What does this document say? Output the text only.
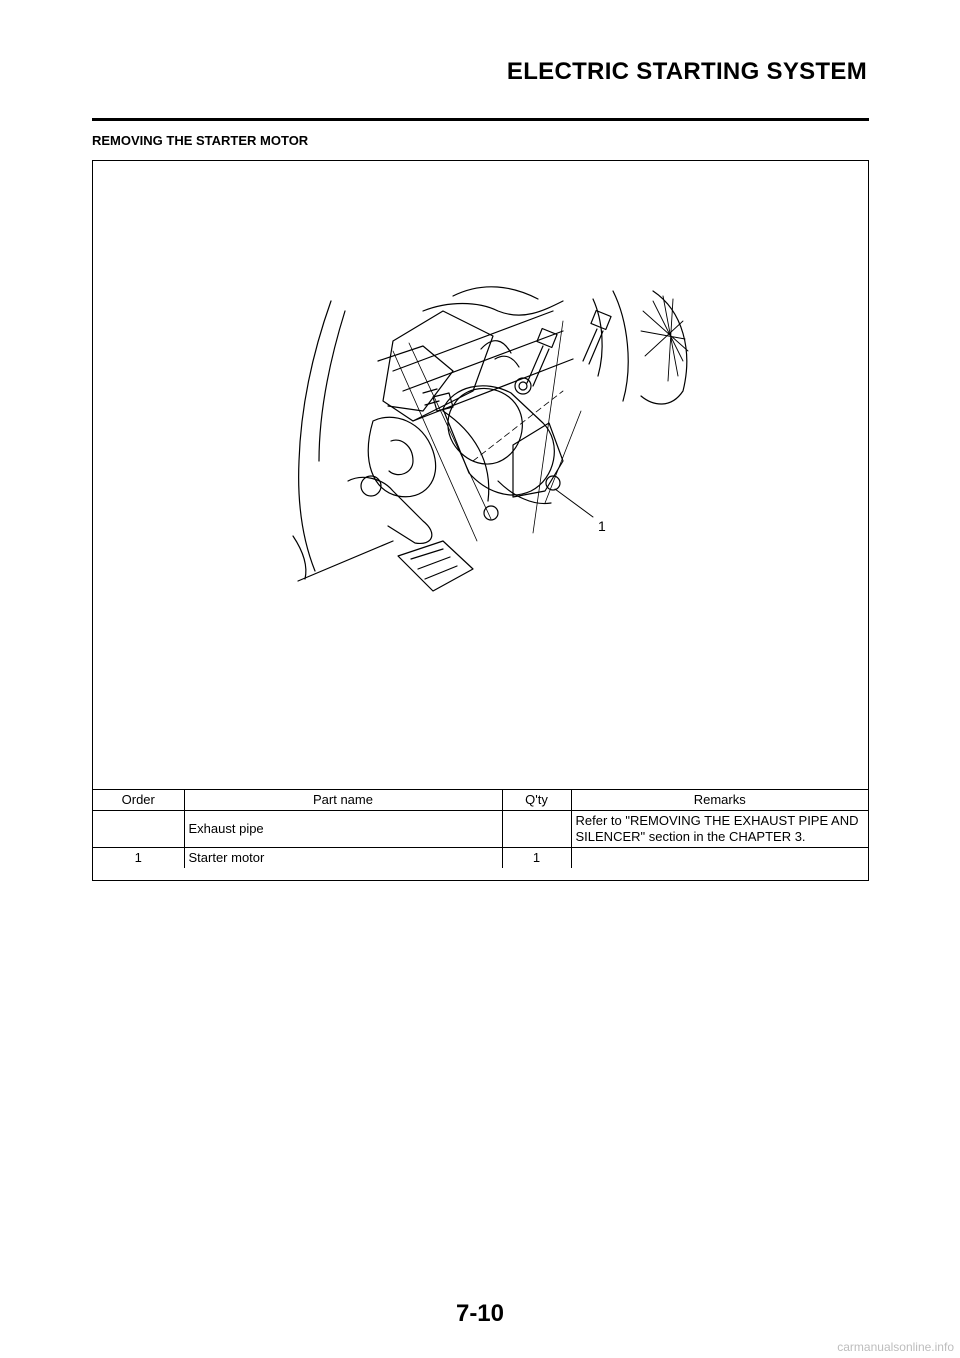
ELECTRIC STARTING SYSTEM
REMOVING THE STARTER MOTOR
1
Order	Part name	Q'ty	Remarks
	Exhaust pipe		Refer to "REMOVING THE EXHAUST PIPE AND SILENCER" section in the CHAPTER 3.
1	Starter motor	1	
7-10
carmanualsonline.info
